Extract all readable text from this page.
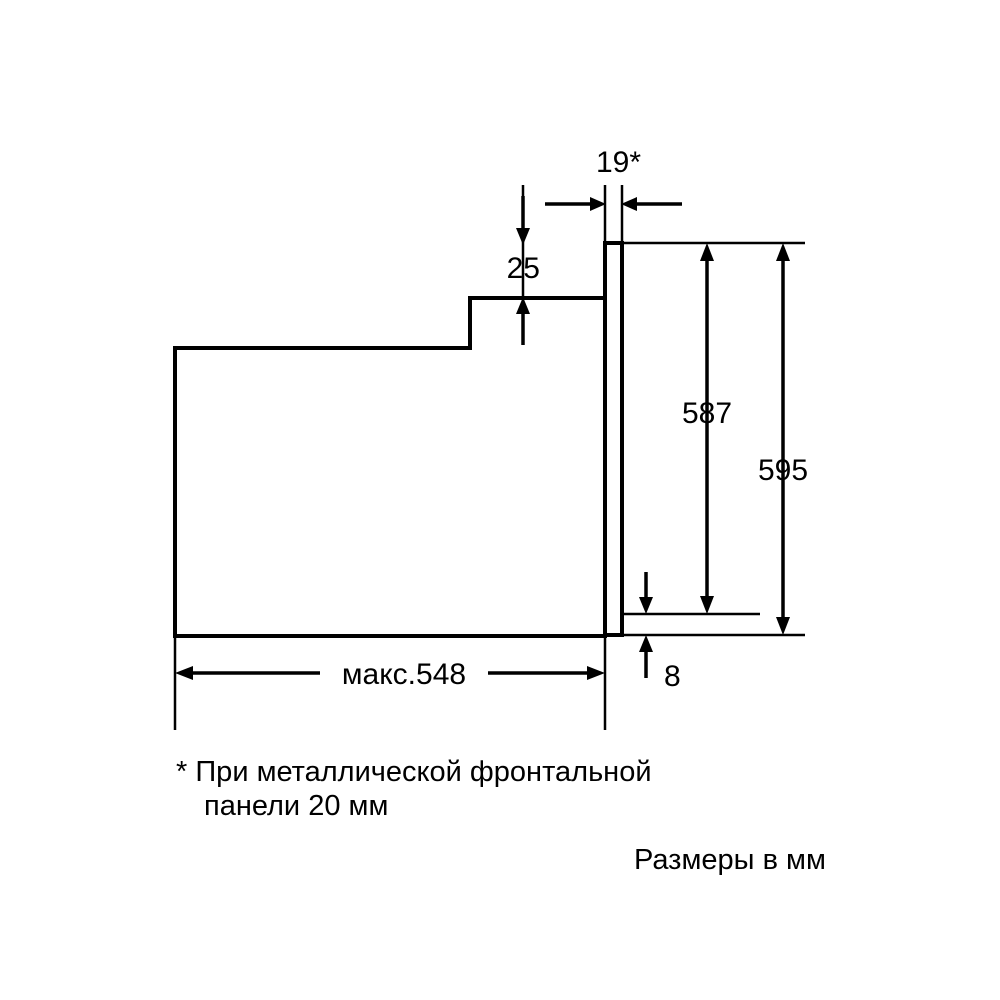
19*
25
587
595
8
макс.548
* При металлической фронтальной
панели 20 мм
Размеры в мм
